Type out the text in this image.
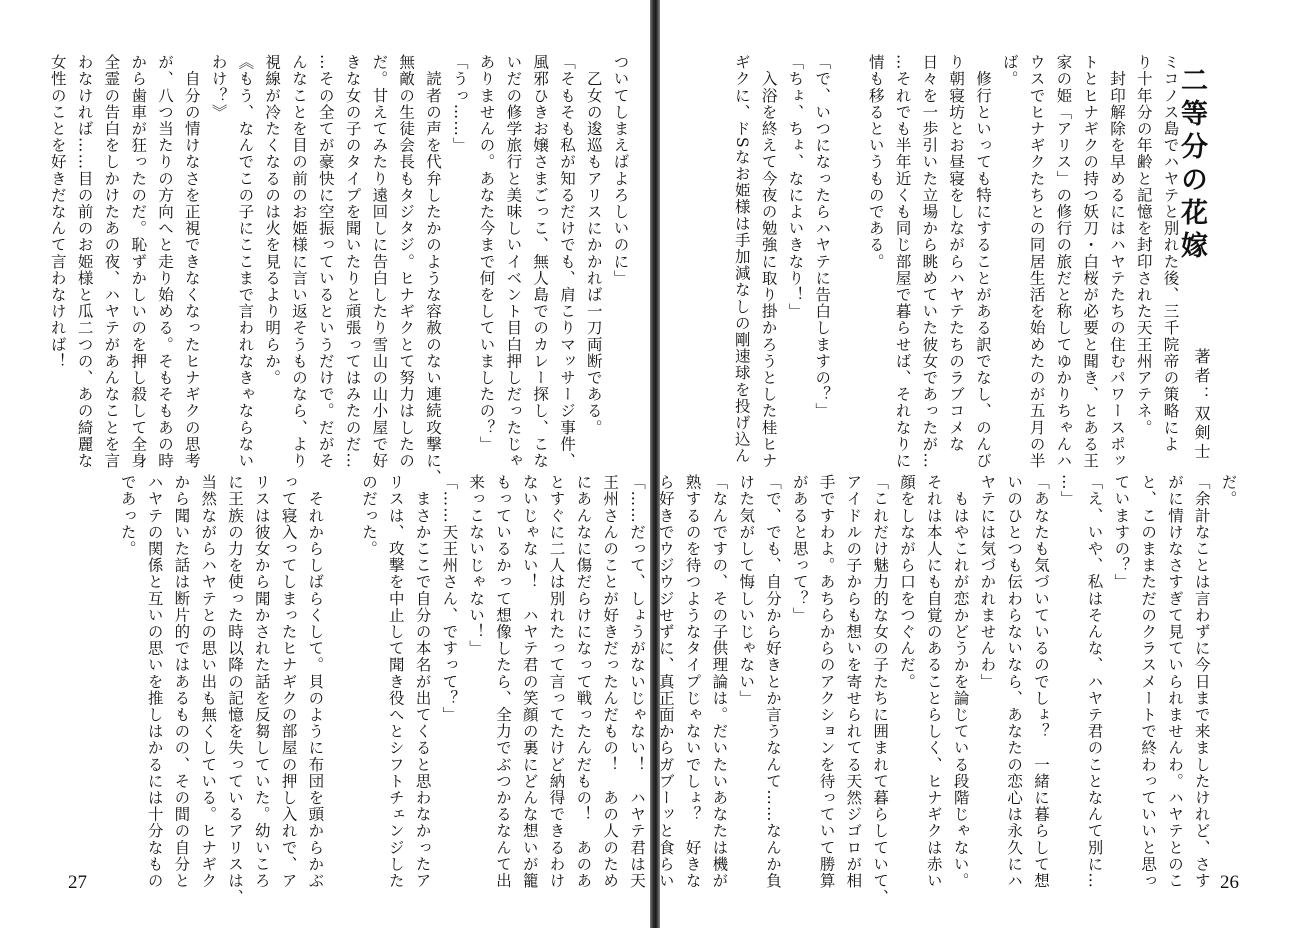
ついてしまえばよろしいのに」
　乙女の逡巡もアリスにかかれば一刀両断である。
「そもそも私が知るだけでも、肩こりマッサージ事件、
風邪ひきお嬢さまごっこ、無人島でのカレー探し、こな
いだの修学旅行と美味しいイベント目白押しだったじゃ
ありませんの。あなた今まで何をしていましたの？」
「うっ……」
　読者の声を代弁したかのような容赦のない連続攻撃に、
無敵の生徒会長もタジタジ。ヒナギクとて努力はしたの
だ。甘えてみたり遠回しに告白したり雪山の山小屋で好
きな女の子のタイプを聞いたりと頑張ってはみたのだ…
…その全てが豪快に空振っているというだけで。だがそ
んなことを目の前のお姫様に言い返そうものなら、より
視線が冷たくなるのは火を見るより明らか。
《もう、なんでこの子にここまで言われなきゃならない
わけ？》
　自分の情けなさを正視できなくなったヒナギクの思考
が、八つ当たりの方向へと走り始める。そもそもあの時
から歯車が狂ったのだ。恥ずかしいのを押し殺して全身
全霊の告白をしかけたあの夜、ハヤテがあんなことを言
わなければ……目の前のお姫様と瓜二つの、あの綺麗な
女性のことを好きだなんて言わなければ！
「……だって、しょうがないじゃない！　ハヤテ君は天
王州さんのことが好きだったんだもの！　あの人のため
にあんなに傷だらけになって戦ったんだもの！　あのあ
とすぐに二人は別れたって言ってたけど納得できるわけ
ないじゃない！　ハヤテ君の笑顔の裏にどんな想いが籠
もっているかって想像したら、全力でぶつかるなんて出
来っこないじゃない！」
「……天王州さん、ですって？」
　まさかここで自分の本名が出てくると思わなかったア
リスは、攻撃を中止して聞き役へとシフトチェンジした
のだった。

　それからしばらくして。貝のように布団を頭からかぶ
って寝入ってしまったヒナギクの部屋の押し入れで、ア
リスは彼女から聞かされた話を反芻していた。幼いころ
に王族の力を使った時以降の記憶を失っているアリスは、
当然ながらハヤテとの思い出も無くしている。ヒナギク
から聞いた話は断片的ではあるものの、その間の自分と
ハヤテの関係と互いの思いを推しはかるには十分なもの
であった。
27
ミコノス島でハヤテと別れた後、三千院帝の策略によ
り十年分の年齢と記憶を封印された天王州アテネ。
　封印解除を早めるにはハヤテたちの住むパワースポッ
トとヒナギクの持つ妖刀・白桜が必要と聞き、とある王
家の姫「アリス」の修行の旅だと称してゆかりちゃんハ
ウスでヒナギクたちとの同居生活を始めたのが五月の半
ば。
　修行といっても特にすることがある訳でなし、のんび
り朝寝坊とお昼寝をしながらハヤテたちのラブコメな
日々を一歩引いた立場から眺めていた彼女であったが…
…それでも半年近くも同じ部屋で暮らせば、それなりに
情も移るというものである。

「で、いつになったらハヤテに告白しますの？」
「ちょ、ちょ、なによいきなり！」
　入浴を終えて今夜の勉強に取り掛かろうとした桂ヒナ
ギクに、ドSなお姫様は手加減なしの剛速球を投げ込ん
だ。
「余計なことは言わずに今日まで来ましたけれど、さす
がに情けなさすぎて見ていられませんわ。ハヤテとのこ
と、このままただのクラスメートで終わっていいと思っ
ていますの？」
「え、いや、私はそんな、ハヤテ君のことなんて別に…
…」
「あなたも気づいているのでしょ？　一緒に暮らして想
いのひとつも伝わらないなら、あなたの恋心は永久にハ
ヤテには気づかれませんわ」
　もはやこれが恋かどうかを論じている段階じゃない。
それは本人にも自覚のあることらしく、ヒナギクは赤い
顔をしながら口をつぐんだ。
「これだけ魅力的な女の子たちに囲まれて暮らしていて、
アイドルの子からも想いを寄せられてる天然ジゴロが相
手ですわよ。あちらからのアクションを待っていて勝算
があると思って？」
「で、でも、自分から好きとか言うなんて……なんか負
けた気がして悔しいじゃない」
「なんですの、その子供理論は。だいたいあなたは機が
熟するのを待つようなタイプじゃないでしょ？　好きな
ら好きでウジウジせずに、真正面からガブーッと食らい	26
二等分の花嫁
著者：双剣士
